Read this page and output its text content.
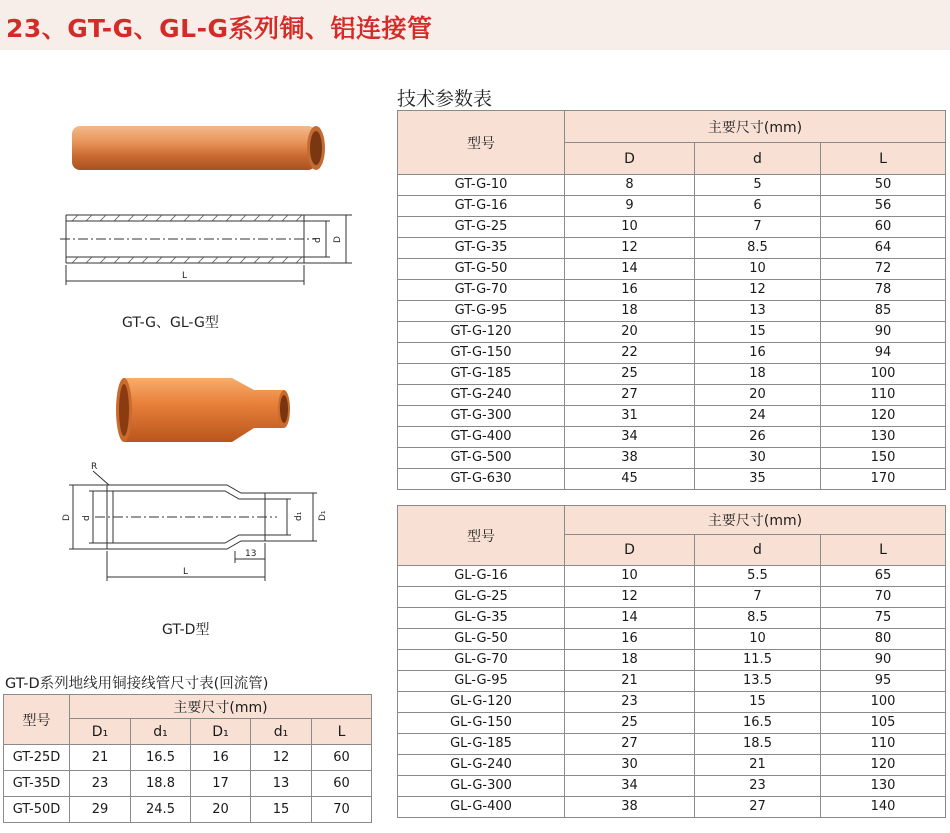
23、GT-G、GL-G系列铜、铝连接管
技术参数表
d D
L
GT-G、GL-G型
R
D d	d₁ D₁
13
L
GT-D型
GT-D系列地线用铜接线管尺寸表(回流管)
型号	主要尺寸(mm)		
	D	d	L
GT-G-10	8	5	50
GT-G-16	9	6	56
GT-G-25	10	7	60
GT-G-35	12	8.5	64
GT-G-50	14	10	72
GT-G-70	16	12	78
GT-G-95	18	13	85
GT-G-120	20	15	90
GT-G-150	22	16	94
GT-G-185	25	18	100
GT-G-240	27	20	110
GT-G-300	31	24	120
GT-G-400	34	26	130
GT-G-500	38	30	150
GT-G-630	45	35	170
型号	主要尺寸(mm)		
	D	d	L
GL-G-16	10	5.5	65
GL-G-25	12	7	70
GL-G-35	14	8.5	75
GL-G-50	16	10	80
GL-G-70	18	11.5	90
GL-G-95	21	13.5	95
GL-G-120	23	15	100
GL-G-150	25	16.5	105
GL-G-185	27	18.5	110
GL-G-240	30	21	120
GL-G-300	34	23	130
GL-G-400	38	27	140
型号	主要尺寸(mm)				
	D₁	d₁	D₁	d₁	L
GT-25D	21	16.5	16	12	60
GT-35D	23	18.8	17	13	60
GT-50D	29	24.5	20	15	70
